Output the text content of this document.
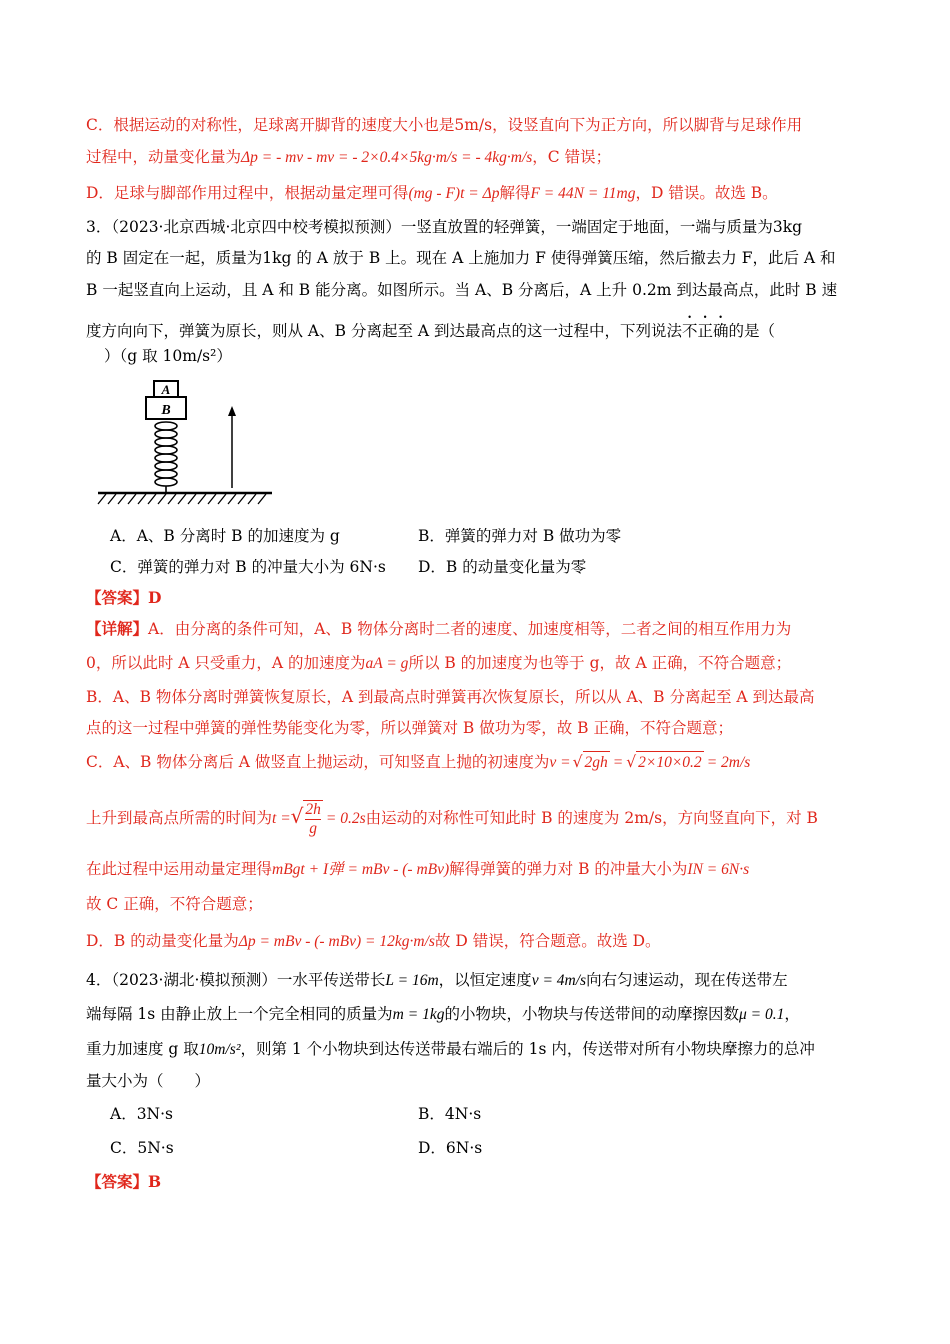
C．根据运动的对称性，足球离开脚背的速度大小也是5m/s，设竖直向下为正方向，所以脚背与足球作用
过程中，动量变化量为Δp = - mv - mv = - 2×0.4×5kg·m/s = - 4kg·m/s，C 错误；
D．足球与脚部作用过程中，根据动量定理可得(mg - F)t = Δp解得F = 44N = 11mg，D 错误。故选 B。
3．（2023·北京西城·北京四中校考模拟预测）一竖直放置的轻弹簧，一端固定于地面，一端与质量为3kg
的 B 固定在一起，质量为1kg 的 A 放于 B 上。现在 A 上施加力 F 使得弹簧压缩，然后撤去力 F，此后 A 和
B 一起竖直向上运动，且 A 和 B 能分离。如图所示。当 A、B 分离后，A 上升 0.2m 到达最高点，此时 B 速
度方向向下，弹簧为原长，则从 A、B 分离起至 A 到达最高点的这一过程中，下列说法不正确的是（
）（g 取 10m/s²）
A
B
A．A、B 分离时 B 的加速度为 g	B．弹簧的弹力对 B 做功为零
C．弹簧的弹力对 B 的冲量大小为 6N·s D．B 的动量变化量为零
【答案】D
【详解】A．由分离的条件可知，A、B 物体分离时二者的速度、加速度相等，二者之间的相互作用力为
0，所以此时 A 只受重力，A 的加速度为aA = g所以 B 的加速度为也等于 g，故 A 正确，不符合题意；
B．A、B 物体分离时弹簧恢复原长，A 到最高点时弹簧再次恢复原长，所以从 A、B 分离起至 A 到达最高
点的这一过程中弹簧的弹性势能变化为零，所以弹簧对 B 做功为零，故 B 正确，不符合题意；
C．A、B 物体分离后 A 做竖直上抛运动，可知竖直上抛的初速度为v = √ 2gh = √ 2×10×0.2 = 2m/s
上升到最高点所需的时间为t =√ $\frac{2h}{g} = 0.2s$由运动的对称性可知此时 B 的速度为 2m/s，方向竖直向下，对 B
在此过程中运用动量定理得mBgt + I弹 = mBv - (- mBv)解得弹簧的弹力对 B 的冲量大小为IN = 6N·s
故 C 正确，不符合题意；
D．B 的动量变化量为Δp = mBv - (- mBv) = 12kg·m/s故 D 错误，符合题意。故选 D。
4．（2023·湖北·模拟预测）一水平传送带长L = 16m，以恒定速度v = 4m/s向右匀速运动，现在传送带左
端每隔 1s 由静止放上一个完全相同的质量为m = 1kg的小物块，小物块与传送带间的动摩擦因数μ = 0.1，
重力加速度 g 取10m/s²，则第 1 个小物块到达传送带最右端后的 1s 内，传送带对所有小物块摩擦力的总冲
量大小为（　　）
A．3N·s	B．4N·s
C．5N·s	D．6N·s
【答案】B
